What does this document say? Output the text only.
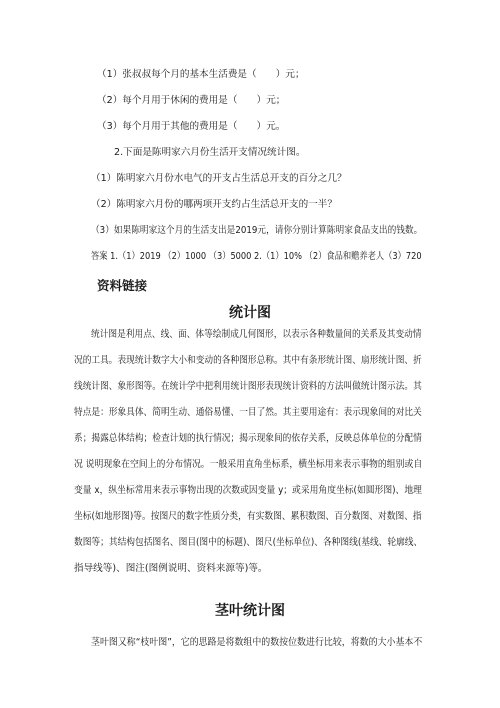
（1）张叔叔每个月的基本生活费是（　　）元；
（2）每个月用于休闲的费用是（　　）元；
（3）每个月用于其他的费用是（　　）元。
2.下面是陈明家六月份生活开支情况统计图。
（1）陈明家六月份水电气的开支占生活总开支的百分之几？
（2）陈明家六月份的哪两项开支约占生活总开支的一半？
（3）如果陈明家这个月的生活支出是2019元，请你分别计算陈明家食品支出的钱数。
答案 1.（1）2019 （2）1000 （3）5000 2.（1）10% （2）食品和赡养老人（3）720
资料链接
统计图
统计图是利用点、线、面、体等绘制成几何图形，以表示各种数量间的关系及其变动情
况的工具。表现统计数字大小和变动的各种图形总称。其中有条形统计图、扇形统计图、折
线统计图、象形图等。在统计学中把利用统计图形表现统计资料的方法叫做统计图示法。其
特点是：形象具体、简明生动、通俗易懂、一目了然。其主要用途有：表示现象间的对比关
系；揭露总体结构；检查计划的执行情况；揭示现象间的依存关系，反映总体单位的分配情
况 说明现象在空间上的分布情况。一般采用直角坐标系，横坐标用来表示事物的组别或自
变量 x，纵坐标常用来表示事物出现的次数或因变量 y；或采用角度坐标(如圆形图)、地理
坐标(如地形图)等。按图尺的数字性质分类，有实数图、累积数图、百分数图、对数图、指
数图等；其结构包括图名、图目(图中的标题)、图尺(坐标单位)、各种图线(基线、轮廓线、
指导线等)、图注(图例说明、资料来源等)等。
茎叶统计图
茎叶图又称“枝叶图”，它的思路是将数组中的数按位数进行比较，将数的大小基本不
